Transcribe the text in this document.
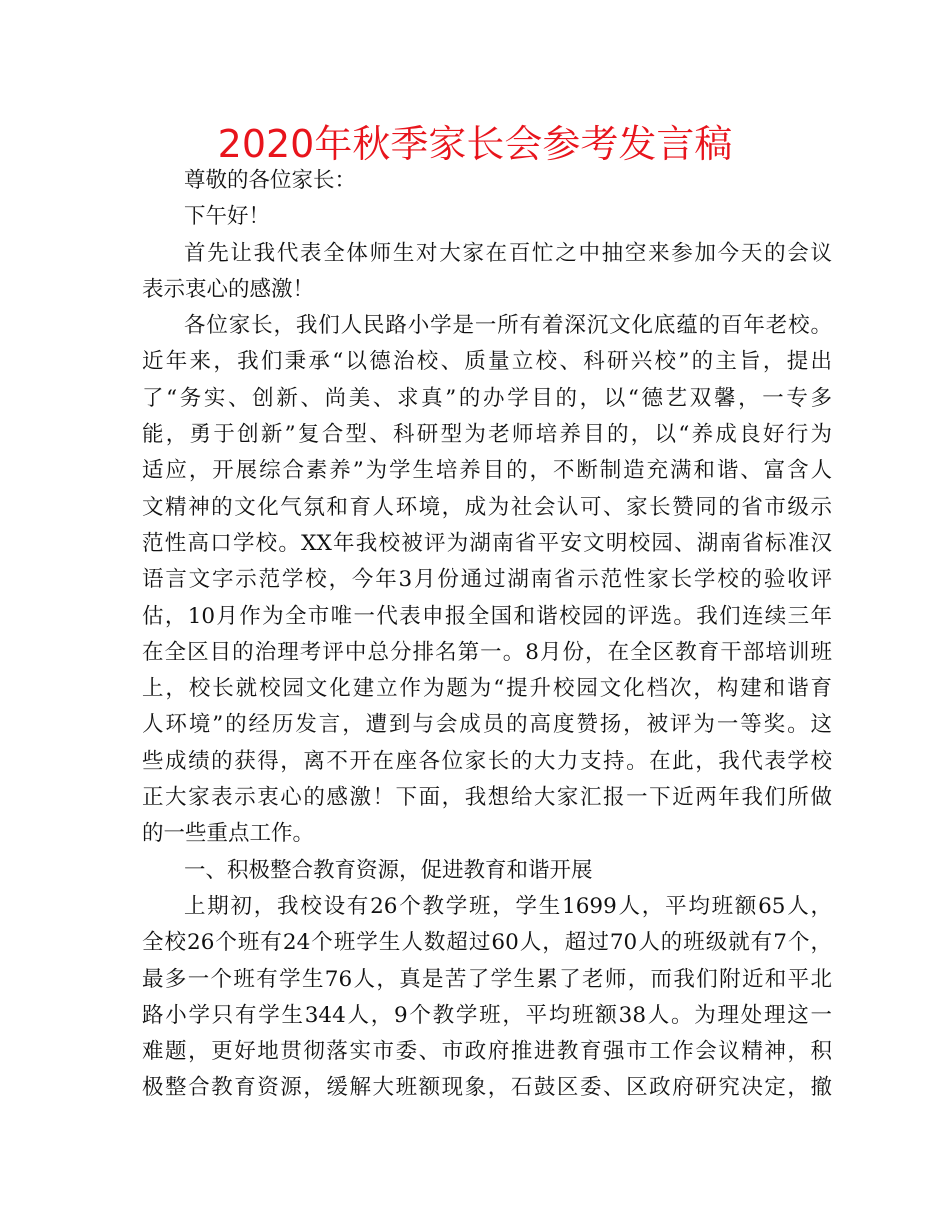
2020年秋季家长会参考发言稿
尊敬的各位家长：
下午好！
首先让我代表全体师生对大家在百忙之中抽空来参加今天的会议
表示衷心的感激！
各位家长，我们人民路小学是一所有着深沉文化底蕴的百年老校。
近年来，我们秉承“以德治校、质量立校、科研兴校”的主旨，提出
了“务实、创新、尚美、求真”的办学目的，以“德艺双馨，一专多
能，勇于创新”复合型、科研型为老师培养目的，以“养成良好行为
适应，开展综合素养”为学生培养目的，不断制造充满和谐、富含人
文精神的文化气氛和育人环境，成为社会认可、家长赞同的省市级示
范性高口学校。XX年我校被评为湖南省平安文明校园、湖南省标准汉
语言文字示范学校，今年3月份通过湖南省示范性家长学校的验收评
估，10月作为全市唯一代表申报全国和谐校园的评选。我们连续三年
在全区目的治理考评中总分排名第一。8月份，在全区教育干部培训班
上，校长就校园文化建立作为题为“提升校园文化档次，构建和谐育
人环境”的经历发言，遭到与会成员的高度赞扬，被评为一等奖。这
些成绩的获得，离不开在座各位家长的大力支持。在此，我代表学校
正大家表示衷心的感激！下面，我想给大家汇报一下近两年我们所做
的一些重点工作。
一、积极整合教育资源，促进教育和谐开展
上期初，我校设有26个教学班，学生1699人，平均班额65人，
全校26个班有24个班学生人数超过60人，超过70人的班级就有7个，
最多一个班有学生76人，真是苦了学生累了老师，而我们附近和平北
路小学只有学生344人，9个教学班，平均班额38人。为理处理这一
难题，更好地贯彻落实市委、市政府推进教育强市工作会议精神，积
极整合教育资源，缓解大班额现象，石鼓区委、区政府研究决定，撤
